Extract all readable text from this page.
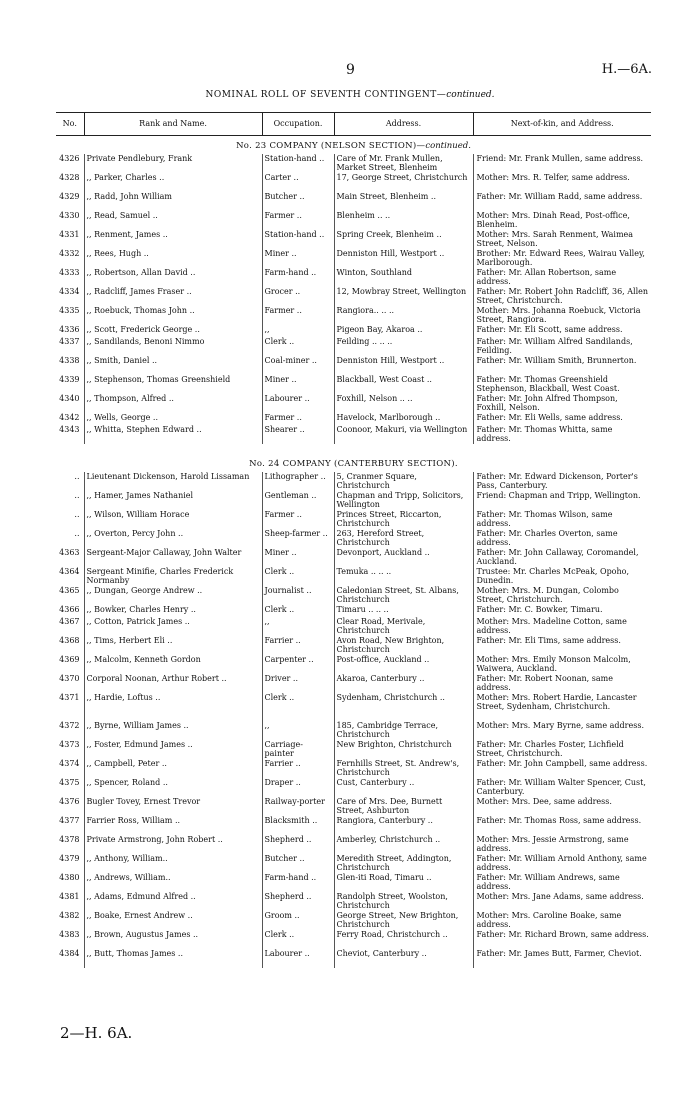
9	H.—6A.
NOMINAL ROLL OF SEVENTH CONTINGENT—continued.
No.	Rank and Name.	Occupation.	Address.	Next-of-kin, and Address.
No. 23 COMPANY (NELSON SECTION)—continued.				
4326	Private Pendlebury, Frank	Station-hand ..	Care of Mr. Frank Mullen, Market Street, Blenheim	Friend: Mr. Frank Mullen, same address.
4328	,, Parker, Charles ..	Carter ..	17, George Street, Christchurch	Mother: Mrs. R. Telfer, same address.
4329	,, Radd, John William	Butcher ..	Main Street, Blenheim ..	Father: Mr. William Radd, same address.
4330	,, Read, Samuel ..	Farmer ..	Blenheim .. ..	Mother: Mrs. Dinah Read, Post-office, Blenheim.
4331	,, Renment, James ..	Station-hand ..	Spring Creek, Blenheim ..	Mother: Mrs. Sarah Renment, Waimea Street, Nelson.
4332	,, Rees, Hugh ..	Miner ..	Denniston Hill, Westport ..	Brother: Mr. Edward Rees, Wairau Valley, Marlborough.
4333	,, Robertson, Allan David ..	Farm-hand ..	Winton, Southland	Father: Mr. Allan Robertson, same address.
4334	,, Radcliff, James Fraser ..	Grocer ..	12, Mowbray Street, Wellington	Father: Mr. Robert John Radcliff, 36, Allen Street, Christchurch.
4335	,, Roebuck, Thomas John ..	Farmer ..	Rangiora.. .. ..	Mother: Mrs. Johanna Roebuck, Victoria Street, Rangiora.
4336	,, Scott, Frederick George ..	,,	Pigeon Bay, Akaroa ..	Father: Mr. Eli Scott, same address.
4337	,, Sandilands, Benoni Nimmo	Clerk ..	Feilding .. .. ..	Father: Mr. William Alfred Sandilands, Feilding.
4338	,, Smith, Daniel ..	Coal-miner ..	Denniston Hill, Westport ..	Father: Mr. William Smith, Brunnerton.
4339	,, Stephenson, Thomas Greenshield	Miner ..	Blackball, West Coast ..	Father: Mr. Thomas Greenshield Stephenson, Blackball, West Coast.
4340	,, Thompson, Alfred ..	Labourer ..	Foxhill, Nelson .. ..	Father: Mr. John Alfred Thompson, Foxhill, Nelson.
4342	,, Wells, George ..	Farmer ..	Havelock, Marlborough ..	Father: Mr. Eli Wells, same address.
4343	,, Whitta, Stephen Edward ..	Shearer ..	Coonoor, Makuri, via Wellington	Father: Mr. Thomas Whitta, same address.

No. 24 COMPANY (CANTERBURY SECTION).				
..	Lieutenant Dickenson, Harold Lissaman	Lithographer ..	5, Cranmer Square, Christchurch	Father: Mr. Edward Dickenson, Porter's Pass, Canterbury.
..	,, Hamer, James Nathaniel	Gentleman ..	Chapman and Tripp, Solicitors, Wellington	Friend: Chapman and Tripp, Wellington.
..	,, Wilson, William Horace	Farmer ..	Princes Street, Riccarton, Christchurch	Father: Mr. Thomas Wilson, same address.
..	,, Overton, Percy John ..	Sheep-farmer ..	263, Hereford Street, Christchurch	Father: Mr. Charles Overton, same address.
4363	Sergeant-Major Callaway, John Walter	Miner ..	Devonport, Auckland ..	Father: Mr. John Callaway, Coromandel, Auckland.
4364	Sergeant Minifie, Charles Frederick Normanby	Clerk ..	Temuka .. .. ..	Trustee: Mr. Charles McPeak, Opoho, Dunedin.
4365	,, Dungan, George Andrew ..	Journalist ..	Caledonian Street, St. Albans, Christchurch	Mother: Mrs. M. Dungan, Colombo Street, Christchurch.
4366	,, Bowker, Charles Henry ..	Clerk ..	Timaru .. .. ..	Father: Mr. C. Bowker, Timaru.
4367	,, Cotton, Patrick James ..	,,	Clear Road, Merivale, Christchurch	Mother: Mrs. Madeline Cotton, same address.
4368	,, Tims, Herbert Eli ..	Farrier ..	Avon Road, New Brighton, Christchurch	Father: Mr. Eli Tims, same address.
4369	,, Malcolm, Kenneth Gordon	Carpenter ..	Post-office, Auckland ..	Mother: Mrs. Emily Monson Malcolm, Waiwera, Auckland.
4370	Corporal Noonan, Arthur Robert ..	Driver ..	Akaroa, Canterbury ..	Father: Mr. Robert Noonan, same address.
4371	,, Hardie, Loftus ..	Clerk ..	Sydenham, Christchurch ..	Mother: Mrs. Robert Hardie, Lancaster Street, Sydenham, Christchurch.
4372	,, Byrne, William James ..	,,	185, Cambridge Terrace, Christchurch	Mother: Mrs. Mary Byrne, same address.
4373	,, Foster, Edmund James ..	Carriage-painter	New Brighton, Christchurch	Father: Mr. Charles Foster, Lichfield Street, Christchurch.
4374	,, Campbell, Peter ..	Farrier ..	Fernhills Street, St. Andrew's, Christchurch	Father: Mr. John Campbell, same address.
4375	,, Spencer, Roland ..	Draper ..	Cust, Canterbury ..	Father: Mr. William Walter Spencer, Cust, Canterbury.
4376	Bugler Tovey, Ernest Trevor	Railway-porter	Care of Mrs. Dee, Burnett Street, Ashburton	Mother: Mrs. Dee, same address.
4377	Farrier Ross, William ..	Blacksmith ..	Rangiora, Canterbury ..	Father: Mr. Thomas Ross, same address.
4378	Private Armstrong, John Robert ..	Shepherd ..	Amberley, Christchurch ..	Mother: Mrs. Jessie Armstrong, same address.
4379	,, Anthony, William..	Butcher ..	Meredith Street, Addington, Christchurch	Father: Mr. William Arnold Anthony, same address.
4380	,, Andrews, William..	Farm-hand ..	Glen-iti Road, Timaru ..	Father: Mr. William Andrews, same address.
4381	,, Adams, Edmund Alfred ..	Shepherd ..	Randolph Street, Woolston, Christchurch	Mother: Mrs. Jane Adams, same address.
4382	,, Boake, Ernest Andrew ..	Groom ..	George Street, New Brighton, Christchurch	Mother: Mrs. Caroline Boake, same address.
4383	,, Brown, Augustus James ..	Clerk ..	Ferry Road, Christchurch ..	Father: Mr. Richard Brown, same address.
4384	,, Butt, Thomas James ..	Labourer ..	Cheviot, Canterbury ..	Father: Mr. James Butt, Farmer, Cheviot.
2—H. 6A.
